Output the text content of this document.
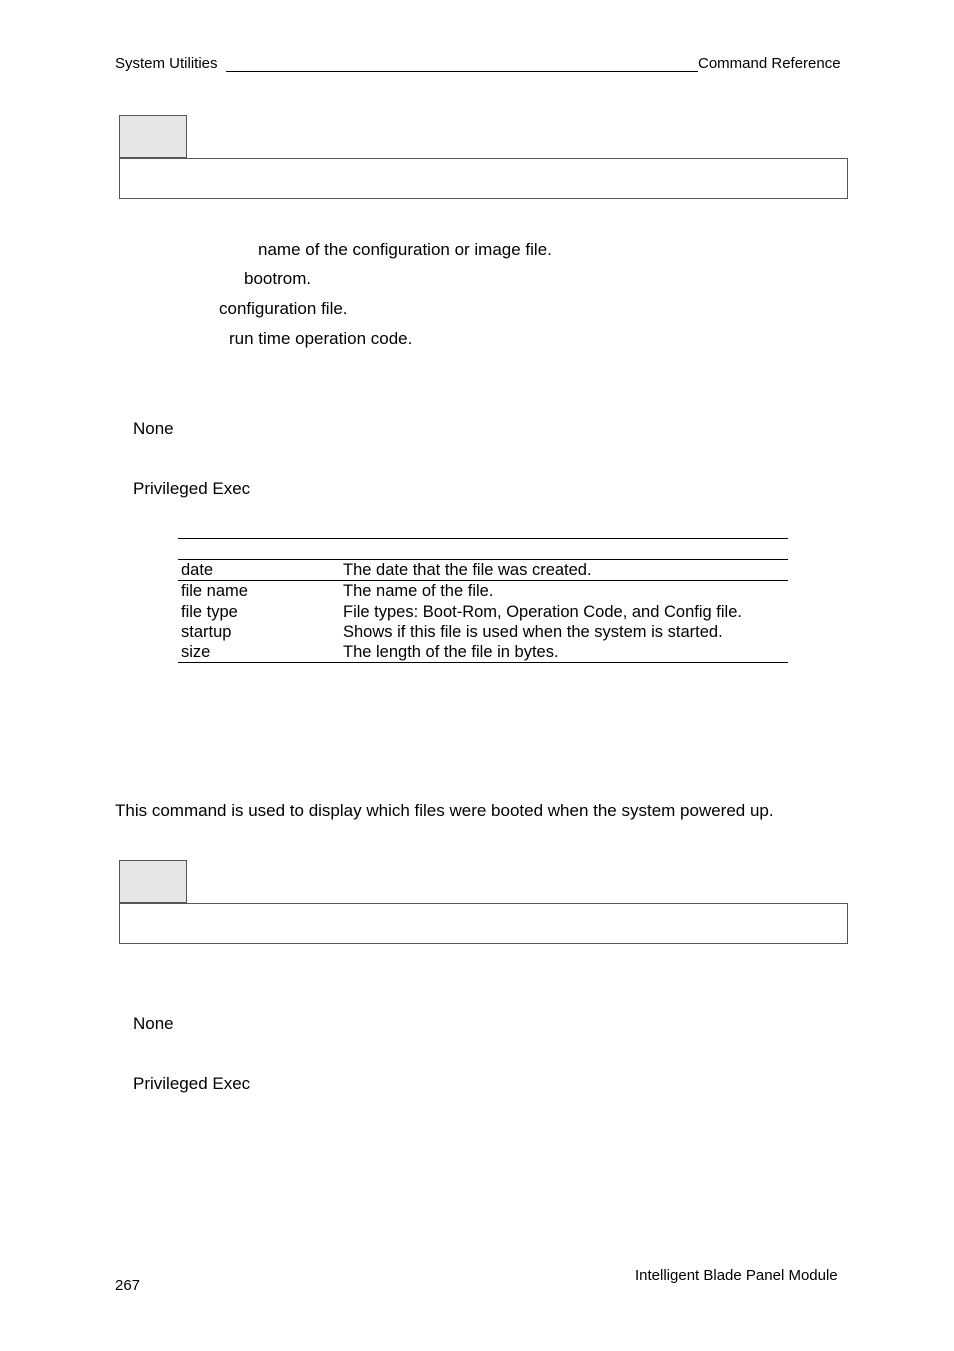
System Utilities	Command Reference
name of the configuration or image file.
bootrom.
configuration file.
run time operation code.
None
Privileged Exec
date	The date that the file was created.
file name	The name of the file.
file type	File types: Boot-Rom, Operation Code, and Config file.
startup	Shows if this file is used when the system is started.
size	The length of the file in bytes.
This command is used to display which files were booted when the system powered up.
None
Privileged Exec
267
Intelligent Blade Panel Module
